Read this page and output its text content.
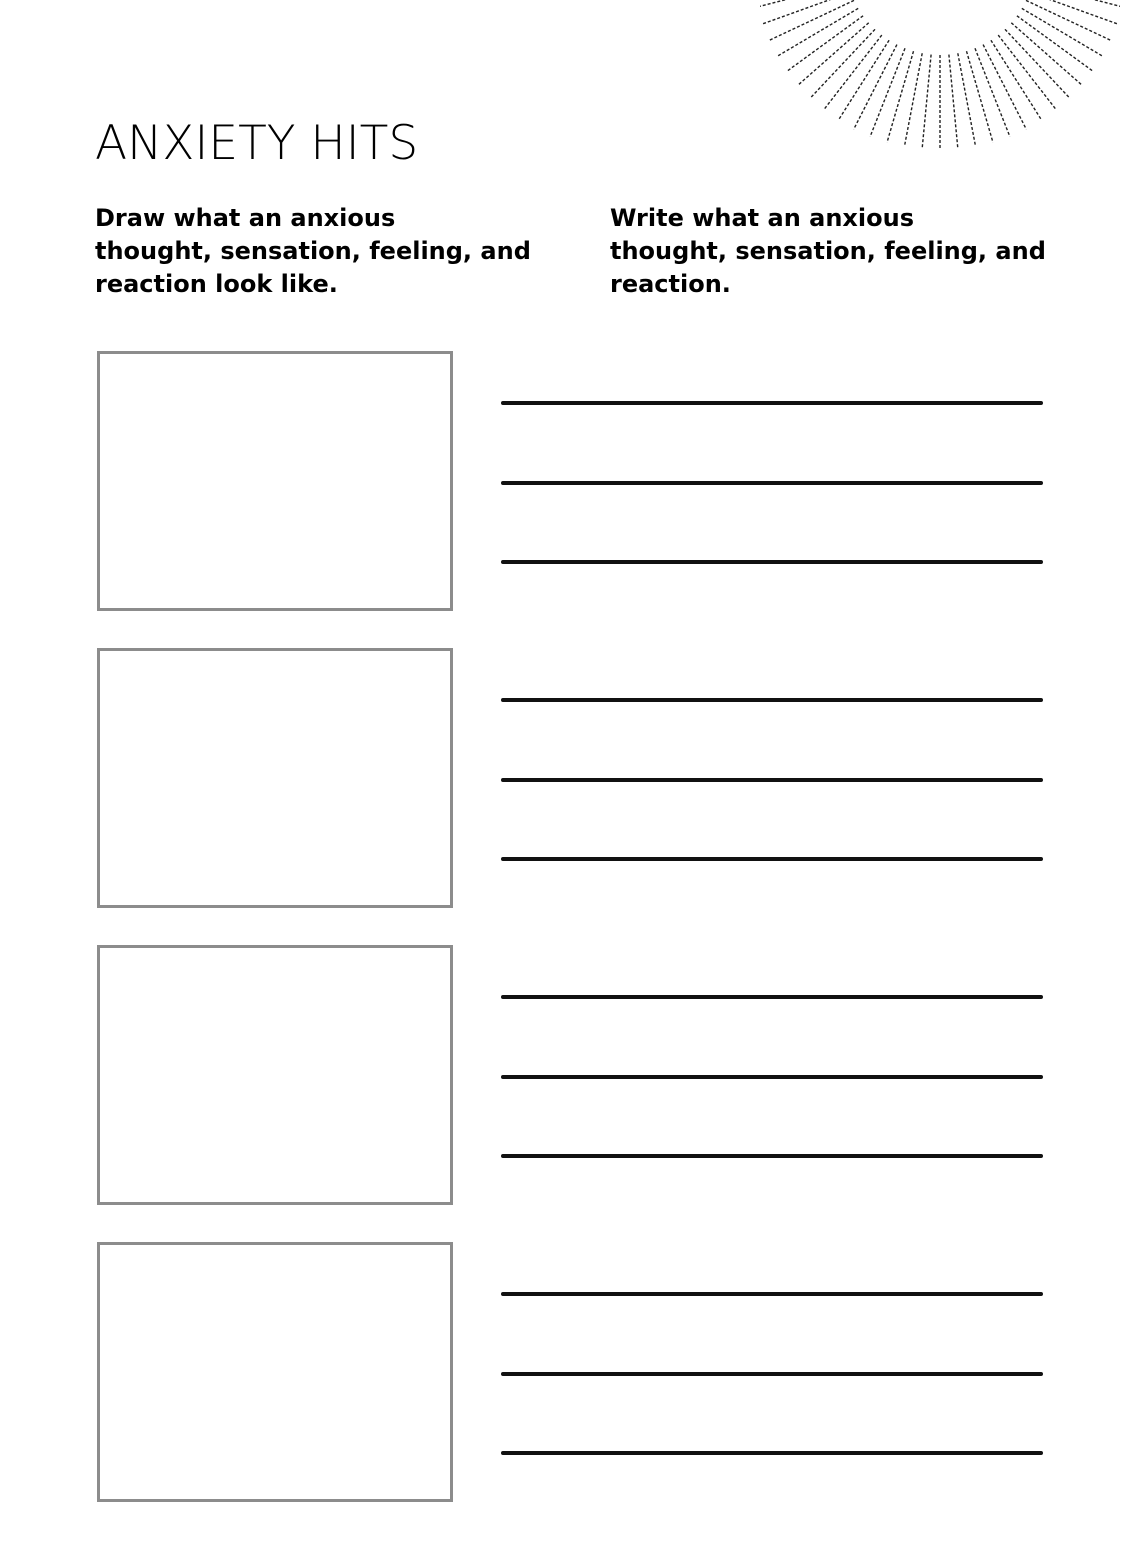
ANXIETY HITS
Draw what an anxious
thought, sensation, feeling, and
reaction look like.
Write what an anxious
thought, sensation, feeling, and
reaction.
